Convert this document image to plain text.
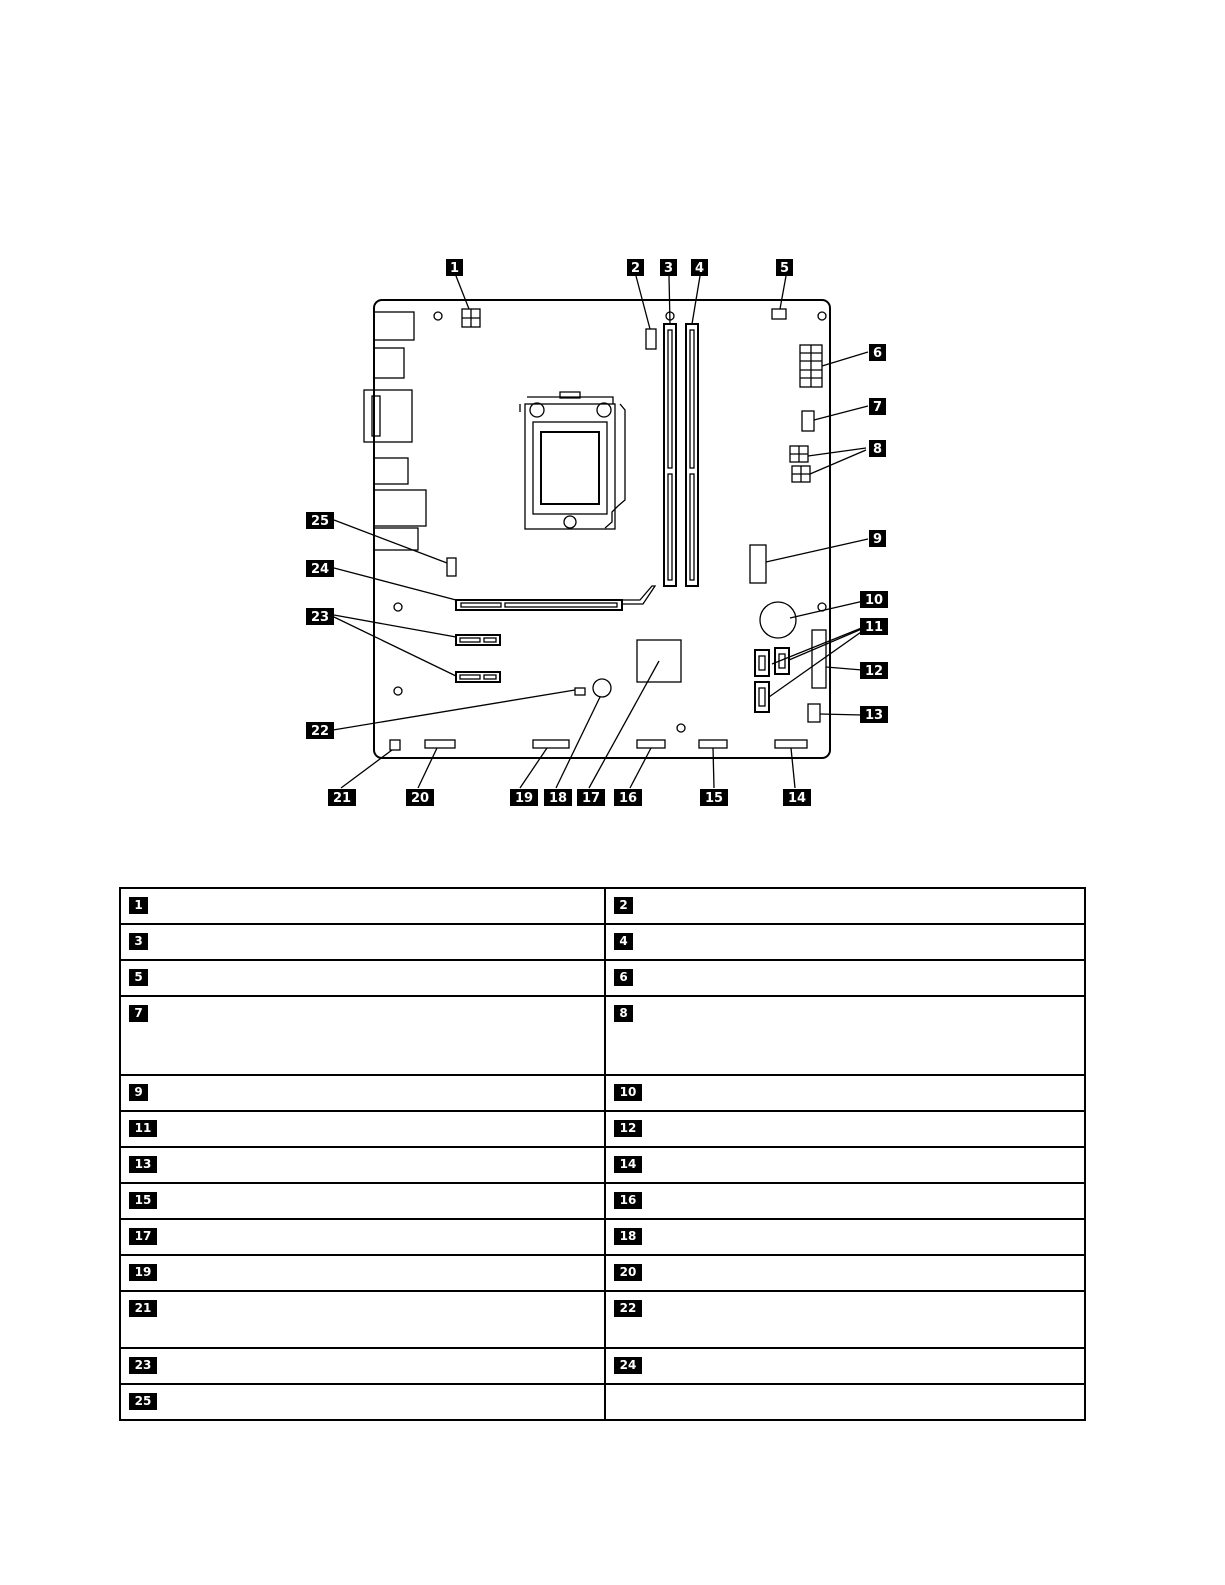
1	2 3 4	5
6
7
8
9
10
11
12
13
14
15
16
17
18
19
20
21
22
23
24
25
1	2
3	4
5	6
7	8
9	10
11	12
13	14
15	16
17	18
19	20
21	22
23	24
25	
